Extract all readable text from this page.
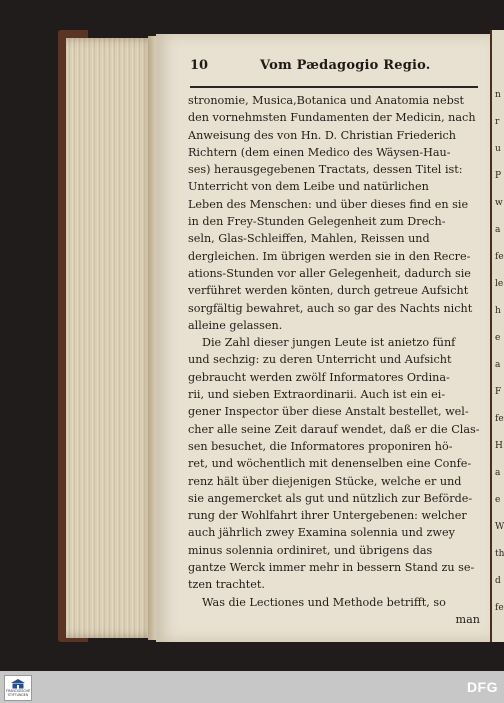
10	Vom Pædagogio Regio.
stronomie, Musica,Botanica und Anatomia nebst
den vornehmsten Fundamenten der Medicin, nach
Anweisung des von Hn. D. Christian Friederich
Richtern (dem einen Medico des Wäysen-Hau-
ses) herausgegebenen Tractats, dessen Titel ist:
Unterricht von dem Leibe und natürlichen
Leben des Menschen: und über dieses find en sie
in den Frey-Stunden Gelegenheit zum Drech-
seln, Glas-Schleiffen, Mahlen, Reissen und
dergleichen. Im übrigen werden sie in den Recre-
ations-Stunden vor aller Gelegenheit, dadurch sie
verführet werden könten, durch getreue Aufsicht
sorgfältig bewahret, auch so gar des Nachts nicht
alleine gelassen.
Die Zahl dieser jungen Leute ist anietzo fünf
und sechzig: zu deren Unterricht und Aufsicht
gebraucht werden zwölf Informatores Ordina-
rii, und sieben Extraordinarii. Auch ist ein ei-
gener Inspector über diese Anstalt bestellet, wel-
cher alle seine Zeit darauf wendet, daß er die Clas-
sen besuchet, die Informatores proponiren hö-
ret, und wöchentlich mit denenselben eine Confe-
renz hält über diejenigen Stücke, welche er und
sie angemercket als gut und nützlich zur Beförde-
rung der Wohlfahrt ihrer Untergebenen: welcher
auch jährlich zwey Examina solennia und zwey
minus solennia ordiniret, und übrigens das
gantze Werck immer mehr in bessern Stand zu se-
tzen trachtet.
Was die Lectiones und Methode betrifft, so
man
n
r
u
P
w
a
fe
le
h
e
a
F
fe
H
a
e
W
th
d
fe
FRANCKESCHE STIFTUNGEN	DFG
